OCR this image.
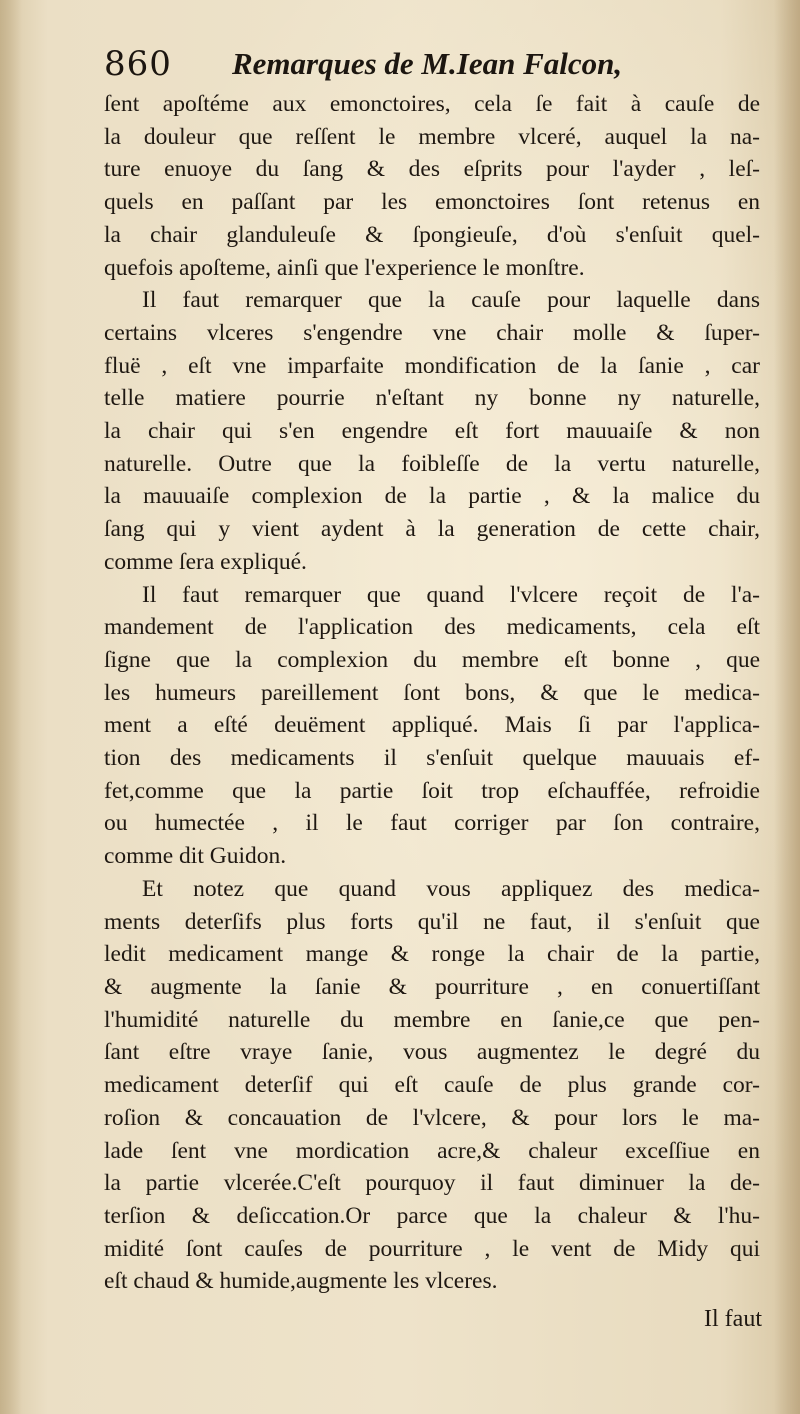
860 Remarques de M.Iean Falcon,
ſent apoſtéme aux emonctoires, cela ſe fait à cauſe de
la douleur que reſſent le membre vlceré, auquel la na-
ture enuoye du ſang & des eſprits pour l'ayder , leſ-
quels en paſſant par les emonctoires ſont retenus en
la chair glanduleuſe & ſpongieuſe, d'où s'enſuit quel-
quefois apoſteme, ainſi que l'experience le monſtre.
Il faut remarquer que la cauſe pour laquelle dans
certains vlceres s'engendre vne chair molle & ſuper-
fluë , eſt vne imparfaite mondification de la ſanie , car
telle matiere pourrie n'eſtant ny bonne ny naturelle,
la chair qui s'en engendre eſt fort mauuaiſe & non
naturelle. Outre que la foibleſſe de la vertu naturelle,
la mauuaiſe complexion de la partie , & la malice du
ſang qui y vient aydent à la generation de cette chair,
comme ſera expliqué.
Il faut remarquer que quand l'vlcere reçoit de l'a-
mandement de l'application des medicaments, cela eſt
ſigne que la complexion du membre eſt bonne , que
les humeurs pareillement ſont bons, & que le medica-
ment a eſté deuëment appliqué. Mais ſi par l'applica-
tion des medicaments il s'enſuit quelque mauuais ef-
fet,comme que la partie ſoit trop eſchauffée, refroidie
ou humectée , il le faut corriger par ſon contraire,
comme dit Guidon.
Et notez que quand vous appliquez des medica-
ments deterſifs plus forts qu'il ne faut, il s'enſuit que
ledit medicament mange & ronge la chair de la partie,
& augmente la ſanie & pourriture , en conuertiſſant
l'humidité naturelle du membre en ſanie,ce que pen-
ſant eſtre vraye ſanie, vous augmentez le degré du
medicament deterſif qui eſt cauſe de plus grande cor-
roſion & concauation de l'vlcere, & pour lors le ma-
lade ſent vne mordication acre,& chaleur exceſſiue en
la partie vlcerée.C'eſt pourquoy il faut diminuer la de-
terſion & deſiccation.Or parce que la chaleur & l'hu-
midité ſont cauſes de pourriture , le vent de Midy qui
eſt chaud & humide,augmente les vlceres.
Il faut
